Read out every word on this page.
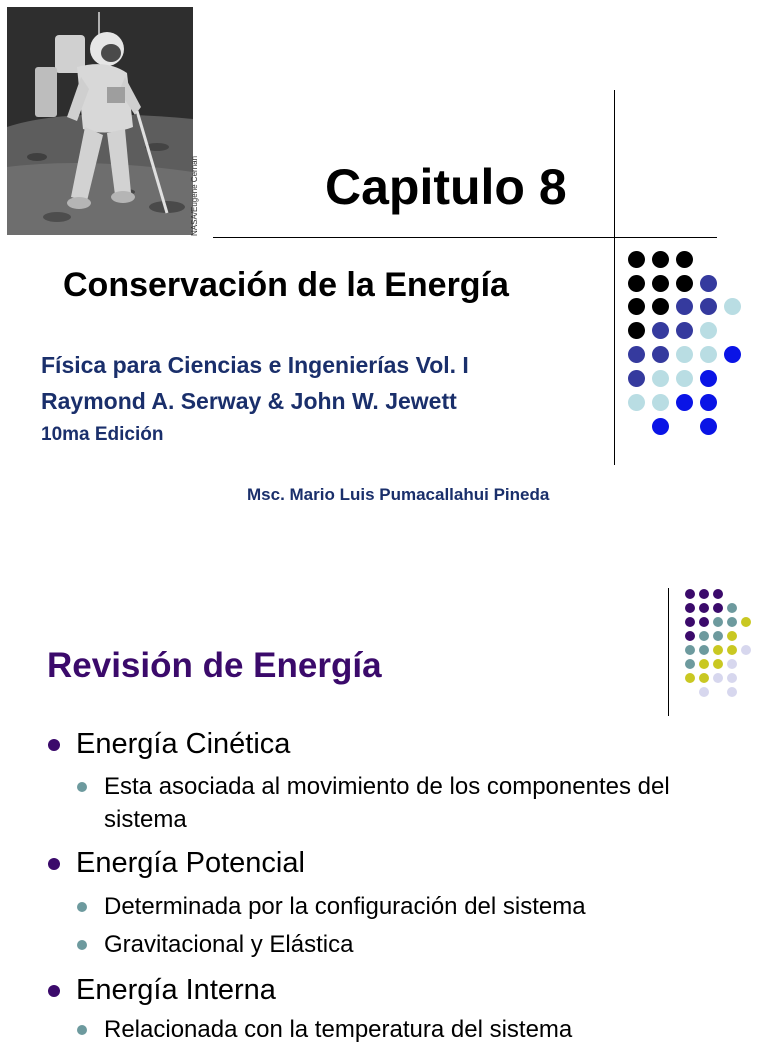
NASA/Eugene Cernan	Capitulo 8
Conservación de la Energía

Física para Ciencias e Ingenierías Vol. I

Raymond A. Serway & John W. Jewett

10ma Edición

Msc. Mario Luis Pumacallahui Pineda

Revisión de Energía
Energía Cinética
Esta asociada al movimiento de los componentes del sistema
Energía Potencial
Determinada por la configuración del sistema
Gravitacional y Elástica
Energía Interna
Relacionada con la temperatura del sistema
